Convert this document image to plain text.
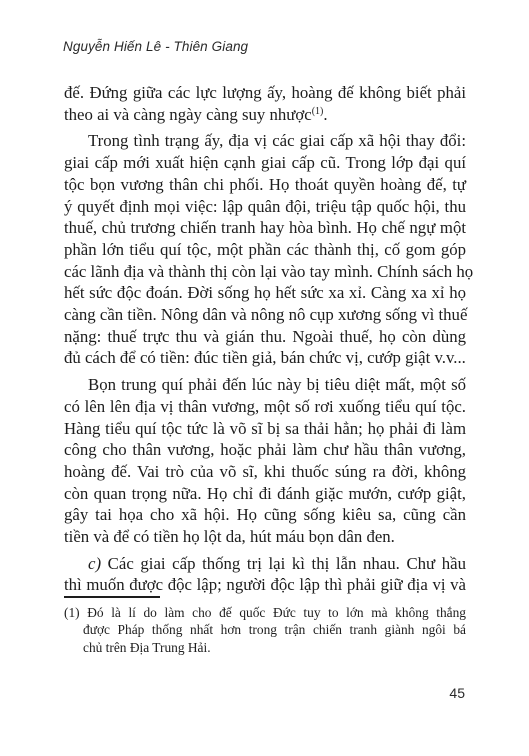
Nguyễn Hiến Lê - Thiên Giang
đế. Đứng giữa các lực lượng ấy, hoàng đế không biết phải
theo ai và càng ngày càng suy nhược$^{(1)}$.
Trong tình trạng ấy, địa vị các giai cấp xã hội thay đổi:
giai cấp mới xuất hiện cạnh giai cấp cũ. Trong lớp đại quí
tộc bọn vương thân chi phối. Họ thoát quyền hoàng đế, tự
ý quyết định mọi việc: lập quân đội, triệu tập quốc hội, thu
thuế, chủ trương chiến tranh hay hòa bình. Họ chế ngự một
phần lớn tiểu quí tộc, một phần các thành thị, cố gom góp
các lãnh địa và thành thị còn lại vào tay mình. Chính sách họ
hết sức độc đoán. Đời sống họ hết sức xa xỉ. Càng xa xỉ họ
càng cần tiền. Nông dân và nông nô cụp xương sống vì thuế
nặng: thuế trực thu và gián thu. Ngoài thuế, họ còn dùng
đủ cách để có tiền: đúc tiền giả, bán chức vị, cướp giật v.v...
Bọn trung quí phải đến lúc này bị tiêu diệt mất, một số
có lên lên địa vị thân vương, một số rơi xuống tiểu quí tộc.
Hàng tiểu quí tộc tức là võ sĩ bị sa thải hẳn; họ phải đi làm
công cho thân vương, hoặc phải làm chư hầu thân vương,
hoàng đế. Vai trò của võ sĩ, khi thuốc súng ra đời, không
còn quan trọng nữa. Họ chỉ đi đánh giặc mướn, cướp giật,
gây tai họa cho xã hội. Họ cũng sống kiêu sa, cũng cần
tiền và để có tiền họ lột da, hút máu bọn dân đen.
c) Các giai cấp thống trị lại kì thị lẫn nhau. Chư hầu
thì muốn được độc lập; người độc lập thì phải giữ địa vị và
(1) Đó là lí do làm cho đế quốc Đức tuy to lớn mà không thắng
được Pháp thống nhất hơn trong trận chiến tranh giành ngôi bá
chủ trên Địa Trung Hải.
45
